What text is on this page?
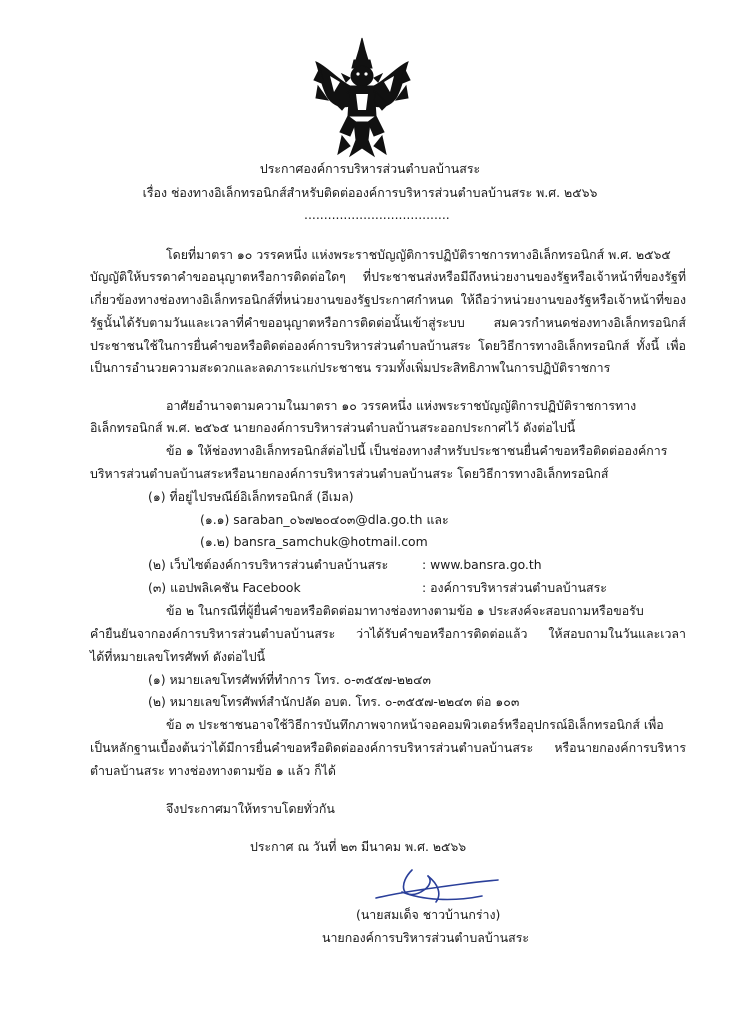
ประกาศองค์การบริหารส่วนตำบลบ้านสระ
เรื่อง ช่องทางอิเล็กทรอนิกส์สำหรับติดต่อองค์การบริหารส่วนตำบลบ้านสระ พ.ศ. ๒๕๖๖
.....................................
โดยที่มาตรา ๑๐ วรรคหนึ่ง แห่งพระราชบัญญัติการปฏิบัติราชการทางอิเล็กทรอนิกส์ พ.ศ. ๒๕๖๕
บัญญัติให้บรรดาคำขออนุญาตหรือการติดต่อใดๆ ที่ประชาชนส่งหรือมีถึงหน่วยงานของรัฐหรือเจ้าหน้าที่ของรัฐที่
เกี่ยวข้องทางช่องทางอิเล็กทรอนิกส์ที่หน่วยงานของรัฐประกาศกำหนด ให้ถือว่าหน่วยงานของรัฐหรือเจ้าหน้าที่ของ
รัฐนั้นได้รับตามวันและเวลาที่คำขออนุญาตหรือการติดต่อนั้นเข้าสู่ระบบ สมควรกำหนดช่องทางอิเล็กทรอนิกส์
ประชาชนใช้ในการยื่นคำขอหรือติดต่อองค์การบริหารส่วนตำบลบ้านสระ โดยวิธีการทางอิเล็กทรอนิกส์ ทั้งนี้ เพื่อ
เป็นการอำนวยความสะดวกและลดภาระแก่ประชาชน รวมทั้งเพิ่มประสิทธิภาพในการปฏิบัติราชการ
อาศัยอำนาจตามความในมาตรา ๑๐ วรรคหนึ่ง แห่งพระราชบัญญัติการปฏิบัติราชการทาง
อิเล็กทรอนิกส์ พ.ศ. ๒๕๖๕ นายกองค์การบริหารส่วนตำบลบ้านสระออกประกาศไว้ ดังต่อไปนี้
ข้อ ๑ ให้ช่องทางอิเล็กทรอนิกส์ต่อไปนี้ เป็นช่องทางสำหรับประชาชนยื่นคำขอหรือติดต่อองค์การ
บริหารส่วนตำบลบ้านสระหรือนายกองค์การบริหารส่วนตำบลบ้านสระ โดยวิธีการทางอิเล็กทรอนิกส์
(๑) ที่อยู่ไปรษณีย์อิเล็กทรอนิกส์ (อีเมล)
(๑.๑) saraban_๐๖๗๒๐๔๐๓@dla.go.th และ
(๑.๒) bansra_samchuk@hotmail.com
(๒) เว็บไซต์องค์การบริหารส่วนตำบลบ้านสระ	: www.bansra.go.th
(๓) แอปพลิเคชัน Facebook	: องค์การบริหารส่วนตำบลบ้านสระ
ข้อ ๒ ในกรณีที่ผู้ยื่นคำขอหรือติดต่อมาทางช่องทางตามข้อ ๑ ประสงค์จะสอบถามหรือขอรับ
คำยืนยันจากองค์การบริหารส่วนตำบลบ้านสระ ว่าได้รับคำขอหรือการติดต่อแล้ว ให้สอบถามในวันและเวลา
ได้ที่หมายเลขโทรศัพท์ ดังต่อไปนี้
(๑) หมายเลขโทรศัพท์ที่ทำการ โทร. ๐-๓๕๕๗-๒๒๔๓
(๒) หมายเลขโทรศัพท์สำนักปลัด อบต. โทร. ๐-๓๕๕๗-๒๒๔๓ ต่อ ๑๐๓
ข้อ ๓ ประชาชนอาจใช้วิธีการบันทึกภาพจากหน้าจอคอมพิวเตอร์หรืออุปกรณ์อิเล็กทรอนิกส์ เพื่อ
เป็นหลักฐานเบื้องต้นว่าได้มีการยื่นคำขอหรือติดต่อองค์การบริหารส่วนตำบลบ้านสระ หรือนายกองค์การบริหาร
ตำบลบ้านสระ ทางช่องทางตามข้อ ๑ แล้ว ก็ได้
จึงประกาศมาให้ทราบโดยทั่วกัน
ประกาศ ณ วันที่ ๒๓ มีนาคม พ.ศ. ๒๕๖๖
(นายสมเด็จ ชาวบ้านกร่าง)
นายกองค์การบริหารส่วนตำบลบ้านสระ
